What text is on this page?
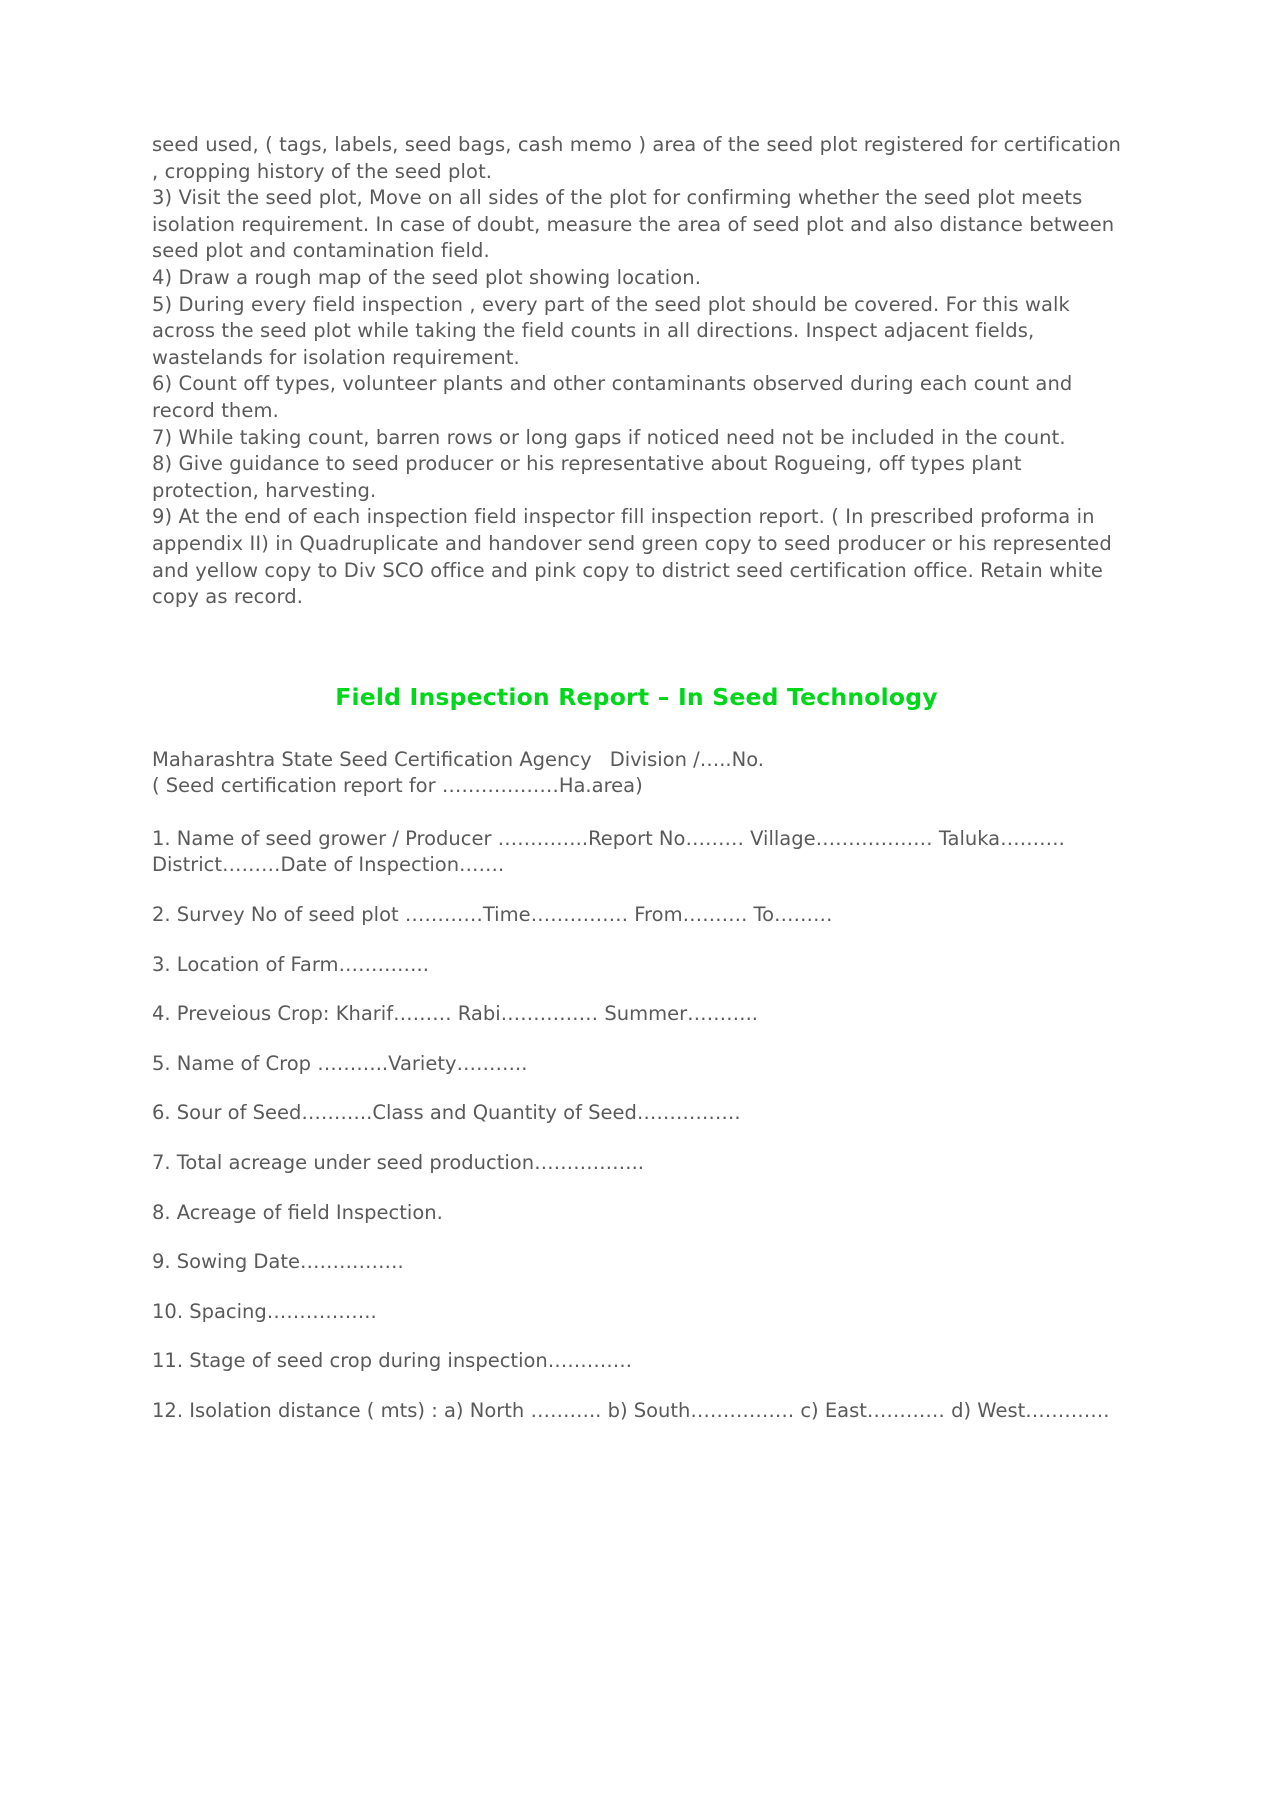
seed used, ( tags, labels, seed bags, cash memo ) area of the seed plot registered for certification , cropping history of the seed plot.

3) Visit the seed plot, Move on all sides of the plot for confirming whether the seed plot meets isolation requirement. In case of doubt, measure the area of seed plot and also distance between seed plot and contamination field.

4) Draw a rough map of the seed plot showing location.

5) During every field inspection , every part of the seed plot should be covered. For this walk across the seed plot while taking the field counts in all directions. Inspect adjacent fields, wastelands for isolation requirement.

6) Count off types, volunteer plants and other contaminants observed during each count and record them.

7) While taking count, barren rows or long gaps if noticed need not be included in the count.

8) Give guidance to seed producer or his representative about Rogueing, off types plant protection, harvesting.

9) At the end of each inspection field inspector fill inspection report. ( In prescribed proforma in appendix II) in Quadruplicate and handover send green copy to seed producer or his represented and yellow copy to Div SCO office and pink copy to district seed certification office. Retain white copy as record.

Field Inspection Report – In Seed Technology

Maharashtra State Seed Certification Agency Division /…..No.

( Seed certification report for ………………Ha.area)

1. Name of seed grower / Producer …………..Report No……… Village……………… Taluka………. District………Date of Inspection…….

2. Survey No of seed plot …………Time…………… From………. To………

3. Location of Farm…………..

4. Preveious Crop: Kharif……… Rabi…………… Summer………..

5. Name of Crop ………..Variety………..

6. Sour of Seed………..Class and Quantity of Seed…………….

7. Total acreage under seed production……………..

8. Acreage of field Inspection.

9. Sowing Date…………….

10. Spacing……………..

11. Stage of seed crop during inspection………….

12. Isolation distance ( mts) : a) North ……….. b) South……………. c) East………… d) West………….
